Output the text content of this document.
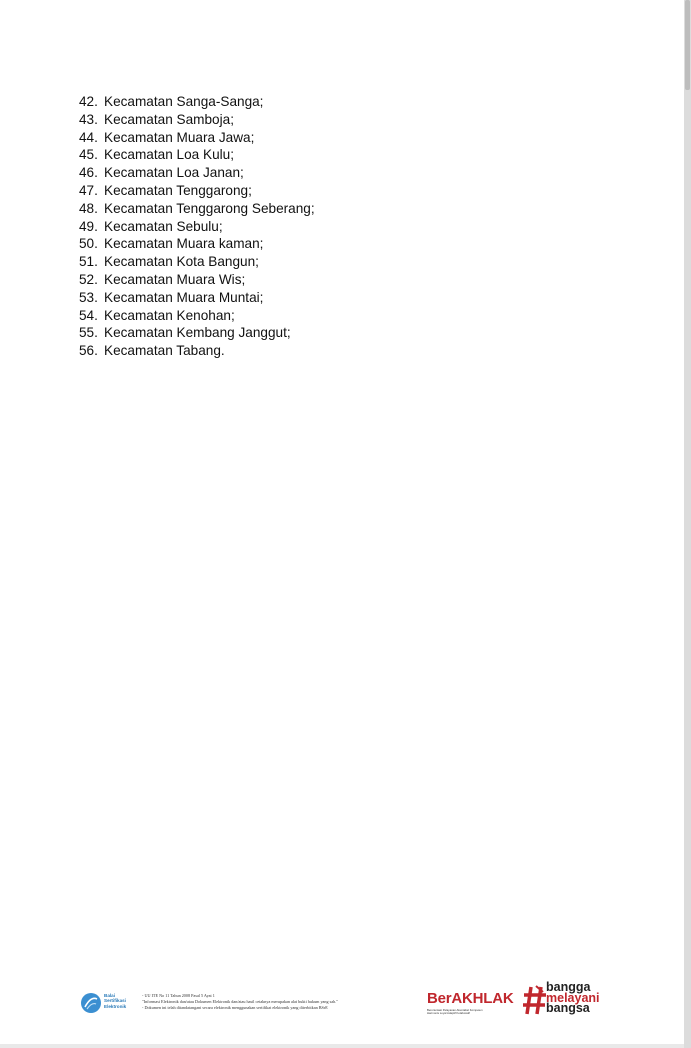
42. Kecamatan Sanga-Sanga;
43. Kecamatan Samboja;
44. Kecamatan Muara Jawa;
45. Kecamatan Loa Kulu;
46. Kecamatan Loa Janan;
47. Kecamatan Tenggarong;
48. Kecamatan Tenggarong Seberang;
49. Kecamatan Sebulu;
50. Kecamatan Muara kaman;
51. Kecamatan Kota Bangun;
52. Kecamatan Muara Wis;
53. Kecamatan Muara Muntai;
54. Kecamatan Kenohan;
55. Kecamatan Kembang Janggut;
56. Kecamatan Tabang.
Balai
Sertifikasi
Elektronik
- UU ITE No 11 Tahun 2008 Pasal 5 Ayat 1
"Informasi Elektronik dan/atau Dokumen Elektronik dan/atau hasil cetaknya merupakan alat bukti hukum yang sah."
- Dokumen ini telah ditandatangani secara elektronik menggunakan sertifikat elektronik yang diterbitkan BSrE
BerAKHLAK
Berorientasi Pelayanan Akuntabel Kompeten
Harmonis Loyal Adaptif Kolaboratif
bangga
melayani
bangsa
